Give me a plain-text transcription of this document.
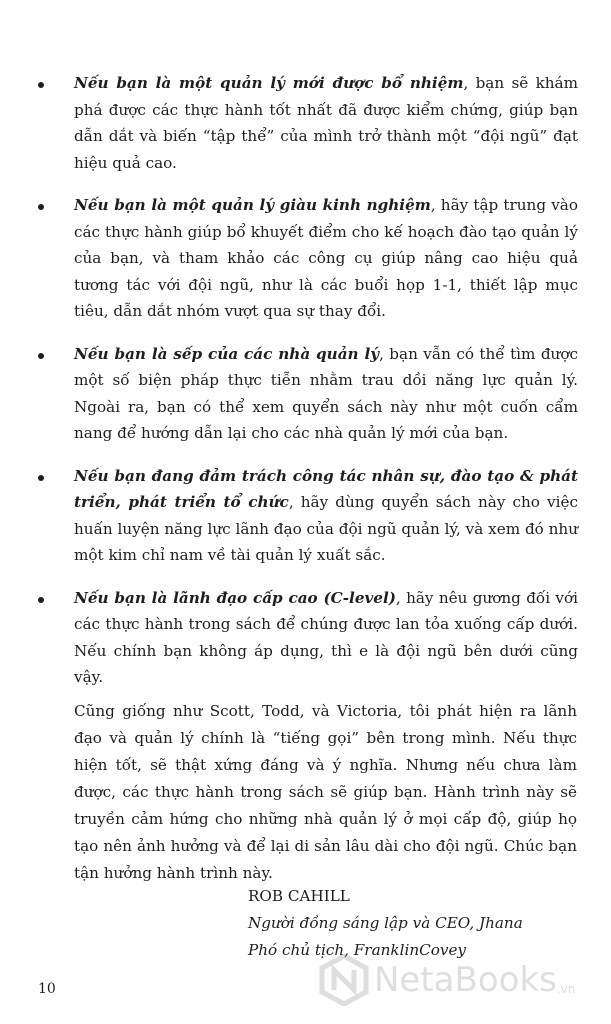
Nếu bạn là một quản lý mới được bổ nhiệm, bạn sẽ khám phá được các thực hành tốt nhất đã được kiểm chứng, giúp bạn dẫn dắt và biến “tập thể” của mình trở thành một “đội ngũ” đạt hiệu quả cao.
Nếu bạn là một quản lý giàu kinh nghiệm, hãy tập trung vào các thực hành giúp bổ khuyết điểm cho kế hoạch đào tạo quản lý của bạn, và tham khảo các công cụ giúp nâng cao hiệu quả tương tác với đội ngũ, như là các buổi họp 1-1, thiết lập mục tiêu, dẫn dắt nhóm vượt qua sự thay đổi.
Nếu bạn là sếp của các nhà quản lý, bạn vẫn có thể tìm được một số biện pháp thực tiễn nhằm trau dồi năng lực quản lý. Ngoài ra, bạn có thể xem quyển sách này như một cuốn cẩm nang để hướng dẫn lại cho các nhà quản lý mới của bạn.
Nếu bạn đang đảm trách công tác nhân sự, đào tạo & phát triển, phát triển tổ chức, hãy dùng quyển sách này cho việc huấn luyện năng lực lãnh đạo của đội ngũ quản lý, và xem đó như một kim chỉ nam về tài quản lý xuất sắc.
Nếu bạn là lãnh đạo cấp cao (C-level), hãy nêu gương đối với các thực hành trong sách để chúng được lan tỏa xuống cấp dưới. Nếu chính bạn không áp dụng, thì e là đội ngũ bên dưới cũng vậy.

Cũng giống như Scott, Todd, và Victoria, tôi phát hiện ra lãnh đạo và quản lý chính là “tiếng gọi” bên trong mình. Nếu thực hiện tốt, sẽ thật xứng đáng và ý nghĩa. Nhưng nếu chưa làm được, các thực hành trong sách sẽ giúp bạn. Hành trình này sẽ truyền cảm hứng cho những nhà quản lý ở mọi cấp độ, giúp họ tạo nên ảnh hưởng và để lại di sản lâu dài cho đội ngũ. Chúc bạn tận hưởng hành trình này.

ROB CAHILL
Người đồng sáng lập và CEO, Jhana
Phó chủ tịch, FranklinCovey
10	NetaBooks .vn
